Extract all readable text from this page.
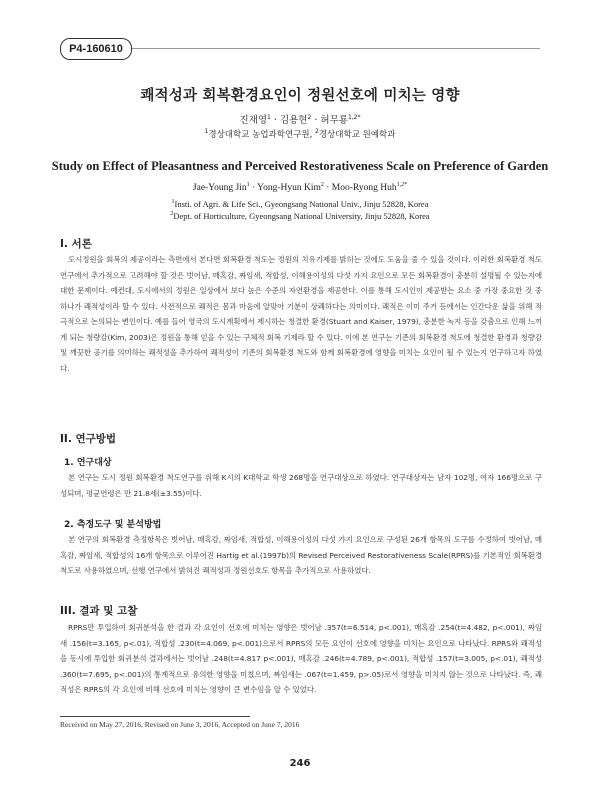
P4-160610
쾌적성과 회복환경요인이 정원선호에 미치는 영향
진재영$^1$ · 김용현$^2$ · 허무룡$^{1,2*}$
$^1$경상대학교 농업과학연구원, $^2$경상대학교 원예학과
Study on Effect of Pleasantness and Perceived Restorativeness Scale on Preference of Garden
Jae-Young Jin$^1$ · Yong-Hyun Kim$^2$ · Moo-Ryong Huh$^{1,2*}$
$^1$Insti. of Agri. & Life Sci., Gyeongsang National Univ., Jinju 52828, Korea
$^2$Dept. of Horticulture, Gyeongsang National University, Jinju 52828, Korea
I. 서론

도시정원을 회복의 제공이라는 측면에서 본다면 회복환경 척도는 정원의 치유기제를 밝히는 것에도 도움을 줄 수 있을 것이다. 이러한 회복환경 척도 연구에서 추가적으로 고려해야 할 것은 벗어남, 매혹감, 짜임새, 적합성, 이해용이성의 다섯 가지 요인으로 모든 회복환경이 충분히 설명될 수 있는지에 대한 문제이다. 예컨대, 도시에서의 정원은 일상에서 보다 높은 수준의 자연환경을 제공한다. 이를 통해 도시인이 제공받는 요소 중 가장 중요한 것 중 하나가 쾌적성이라 할 수 있다. 사전적으로 쾌적은 몸과 마음에 알맞아 기분이 상쾌하다는 의미이다. 쾌적은 이미 주거 등에서는 인간다운 삶을 위해 적극적으로 논의되는 변인이다. 예를 들어 영국의 도시계획에서 제시하는 청결한 환경(Stuart and Kaiser, 1979), 충분한 녹지 등을 갖춤으로 인해 느끼게 되는 청량감(Kim, 2003)은 정원을 통해 얻을 수 있는 구체적 회복 기제라 할 수 있다. 이에 본 연구는 기존의 회복환경 척도에 청결한 환경과 청량감 및 깨끗한 공기를 의미하는 쾌적성을 추가하여 쾌적성이 기존의 회복환경 척도와 함께 회복환경에 영향을 미치는 요인이 될 수 있는지 연구하고자 하였다.

II. 연구방법
1. 연구대상

본 연구는 도시 정원 회복환경 척도연구를 위해 K시의 K대학교 학생 268명을 연구대상으로 하였다. 연구대상자는 남자 102명, 여자 166명으로 구성되며, 평균연령은 만 21.8세(±3.55)이다.

2. 측정도구 및 분석방법

본 연구의 회복환경 측정항목은 벗어남, 매혹감, 짜임새, 적합성, 이해용이성의 다섯 가지 요인으로 구성된 26개 항목의 도구를 수정하여 벗어남, 매혹감, 짜임새, 적합성의 16개 항목으로 이루어진 Hartig et al.(1997b)의 Revised Perceived Restorativeness Scale(RPRS)를 기본적인 회복환경 척도로 사용하였으며, 선행 연구에서 밝혀진 쾌적성과 정원선호도 항목을 추가적으로 사용하였다.

III. 결과 및 고찰

RPRS만 투입하여 회귀분석을 한 결과 각 요인이 선호에 미치는 영향은 벗어남 .357(t=6.514, p<.001), 매혹감 .254(t=4.482, p<.001), 짜임새 .156(t=3.165, p<.01), 적합성 .230(t=4.069, p<.001)으로서 RPRS의 모든 요인이 선호에 영향을 미치는 요인으로 나타났다. RPRS와 쾌적성을 동시에 투입한 회귀분석 결과에서는 벗어남 .248(t=4.817 p<.001), 매혹감 .246(t=4.789, p<.001), 적합성 .157(t=3.005, p<.01), 쾌적성 .360(t=7.695, p<.001)의 통계적으로 유의한 영향을 미쳤으며, 짜임새는 .067(t=1.459, p>.05)로서 영향을 미치지 않는 것으로 나타났다. 즉, 쾌적성은 RPRS의 각 요인에 비해 선호에 미치는 영향이 큰 변수임을 알 수 있었다.

Received on May 27, 2016, Revised on June 3, 2016, Accepted on June 7, 2016
246
